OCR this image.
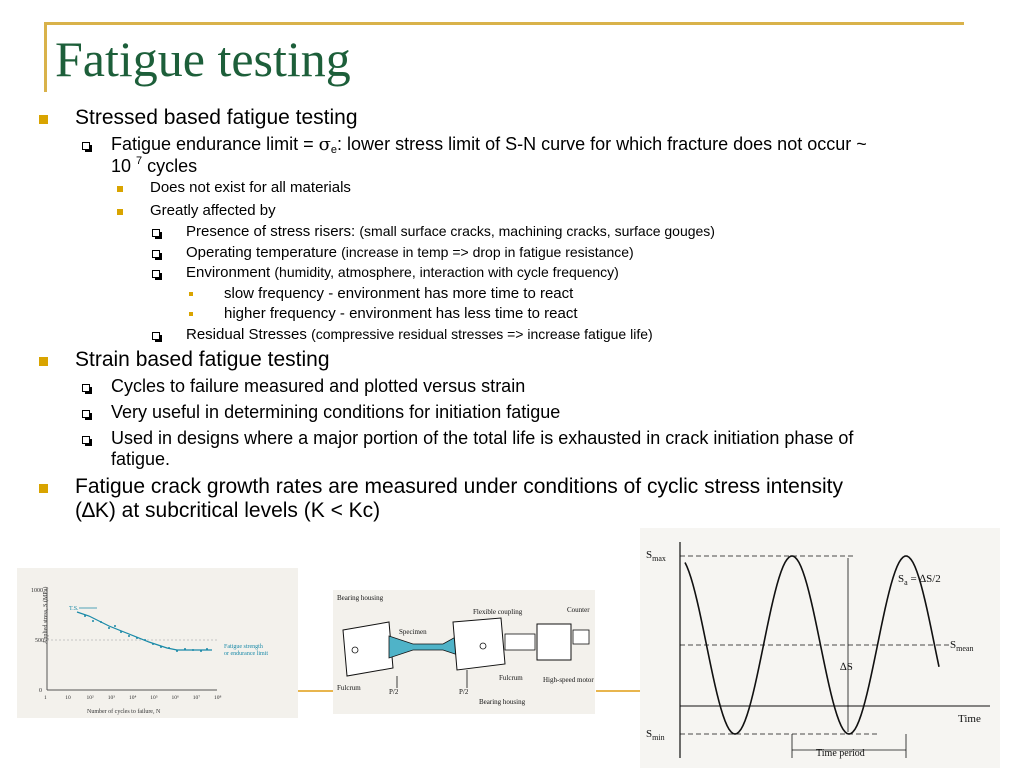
Fatigue testing
Stressed based fatigue testing
Fatigue endurance limit = $\sigma_e$: lower stress limit of S-N curve for which fracture does not occur ~
10 $^7$ cycles
Does not exist for all materials
Greatly affected by
Presence of stress risers: (small surface cracks, machining cracks, surface gouges)
Operating temperature (increase in temp => drop in fatigue resistance)
Environment (humidity, atmosphere, interaction with cycle frequency)
slow frequency - environment has more time to react
higher frequency - environment has less time to react
Residual Stresses (compressive residual stresses => increase fatigue life)
Strain based fatigue testing
Cycles to failure measured and plotted versus strain
Very useful in determining conditions for initiation fatigue
Used in designs where a major portion of the total life is exhausted in crack initiation phase of
fatigue.
Fatigue crack growth rates are measured under conditions of cyclic stress intensity
(∆K) at subcritical levels (K < Kc)
Applied stress, S (MPa)
1000
500
0
1	10	10²	10³	10⁴	10⁵	10⁶	10⁷	10⁸
Number of cycles to failure, N
T.S.
Fatigue strength
or endurance limit
Bearing housing
Specimen
Flexible coupling	Counter
Fulcrum	P/2	P/2
Fulcrum
Bearing housing
High-speed motor
$S_{max}$
$S_{min}$
$S_{mean}$
$S_a = \Delta S/2$
∆S
Time
Time period
